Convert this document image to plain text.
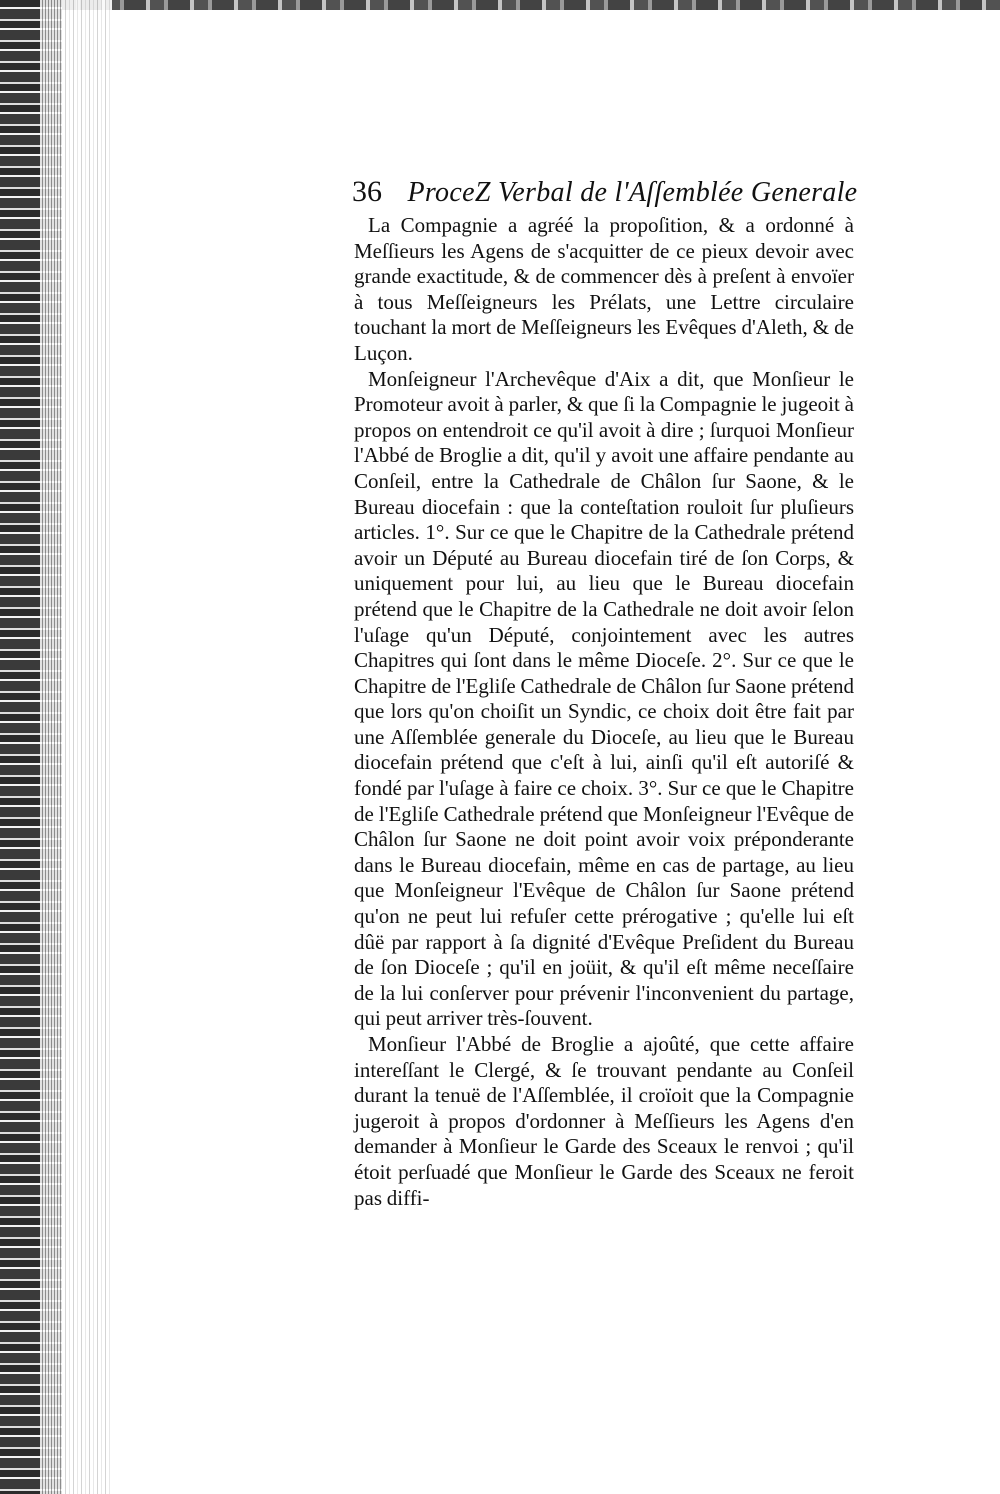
36 ProceZ Verbal de l'Aſſemblée Generale

La Compagnie a agréé la propoſition, & a ordonné à Meſſieurs les Agens de s'acquitter de ce pieux devoir avec grande exactitude, & de commencer dès à preſent à envoïer à tous Meſſeigneurs les Prélats, une Lettre circulaire touchant la mort de Meſſeigneurs les Evêques d'Aleth, & de Luçon.

Monſeigneur l'Archevêque d'Aix a dit, que Monſieur le Promoteur avoit à parler, & que ſi la Compagnie le jugeoit à propos on entendroit ce qu'il avoit à dire ; ſurquoi Monſieur l'Abbé de Broglie a dit, qu'il y avoit une affaire pendante au Conſeil, entre la Cathedrale de Châlon ſur Saone, & le Bureau diocefain : que la conteſtation rouloit ſur pluſieurs articles. 1°. Sur ce que le Chapitre de la Cathedrale prétend avoir un Député au Bureau diocefain tiré de ſon Corps, & uniquement pour lui, au lieu que le Bureau diocefain prétend que le Chapitre de la Cathedrale ne doit avoir ſelon l'uſage qu'un Député, conjointement avec les autres Chapitres qui ſont dans le même Dioceſe. 2°. Sur ce que le Chapitre de l'Egliſe Cathedrale de Châlon ſur Saone prétend que lors qu'on choiſit un Syndic, ce choix doit être fait par une Aſſemblée generale du Dioceſe, au lieu que le Bureau diocefain prétend que c'eſt à lui, ainſi qu'il eſt autoriſé & fondé par l'uſage à faire ce choix. 3°. Sur ce que le Chapitre de l'Egliſe Cathedrale prétend que Monſeigneur l'Evêque de Châlon ſur Saone ne doit point avoir voix préponderante dans le Bureau diocefain, même en cas de partage, au lieu que Monſeigneur l'Evêque de Châlon ſur Saone prétend qu'on ne peut lui refuſer cette prérogative ; qu'elle lui eſt dûë par rapport à ſa dignité d'Evêque Preſident du Bureau de ſon Dioceſe ; qu'il en joüit, & qu'il eſt même neceſſaire de la lui conſerver pour prévenir l'inconvenient du partage, qui peut arriver très-ſouvent.

Monſieur l'Abbé de Broglie a ajoûté, que cette affaire intereſſant le Clergé, & ſe trouvant pendante au Conſeil durant la tenuë de l'Aſſemblée, il croïoit que la Compagnie jugeroit à propos d'ordonner à Meſſieurs les Agens d'en demander à Monſieur le Garde des Sceaux le renvoi ; qu'il étoit perſuadé que Monſieur le Garde des Sceaux ne feroit pas diffi-
